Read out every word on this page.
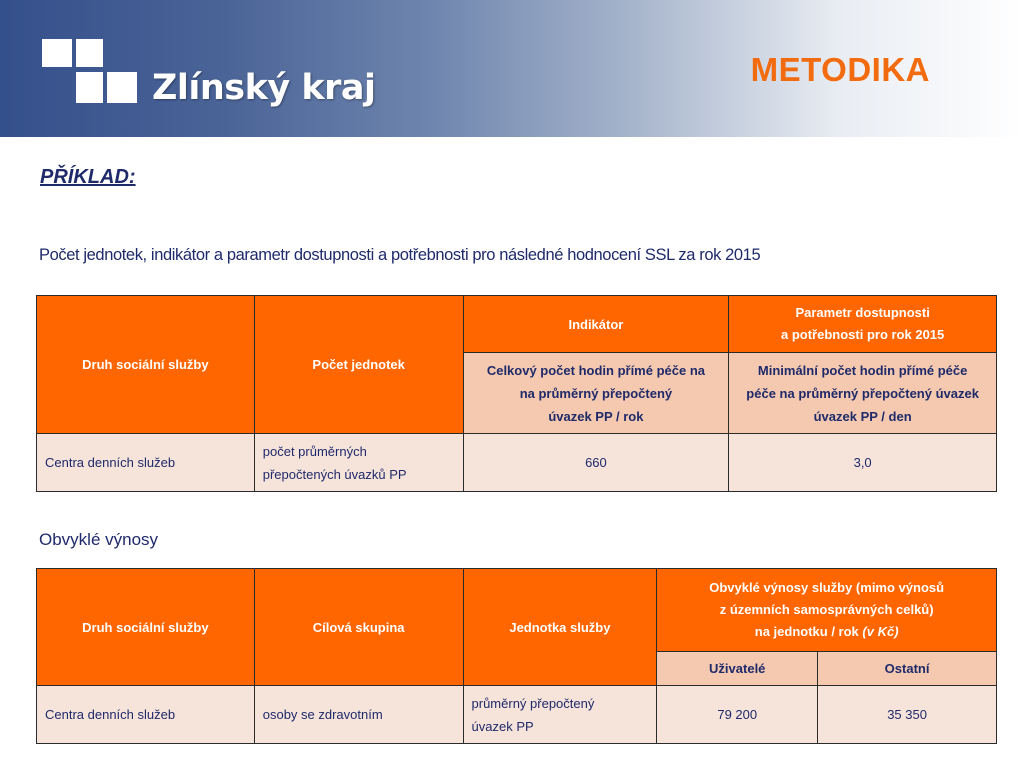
Zlínský kraj	METODIKA
PŘÍKLAD:
Počet jednotek, indikátor a parametr dostupnosti a potřebnosti pro následné hodnocení SSL za rok 2015
Druh sociální služby	Počet jednotek	Indikátor	Parametr dostupnosti
a potřebnosti pro rok 2015
		Celkový počet hodin přímé péče na
na průměrný přepočtený
úvazek PP / rok	Minimální počet hodin přímé péče
péče na průměrný přepočtený úvazek
úvazek PP / den
Centra denních služeb	počet průměrných
přepočtených úvazků PP	660	3,0
Obvyklé výnosy
Druh sociální služby	Cílová skupina	Jednotka služby	Obvyklé výnosy služby (mimo výnosů
z územních samosprávných celků)
na jednotku / rok (v Kč)	
			Uživatelé	Ostatní
Centra denních služeb	osoby se zdravotním	průměrný přepočtený
úvazek PP	79 200	35 350
